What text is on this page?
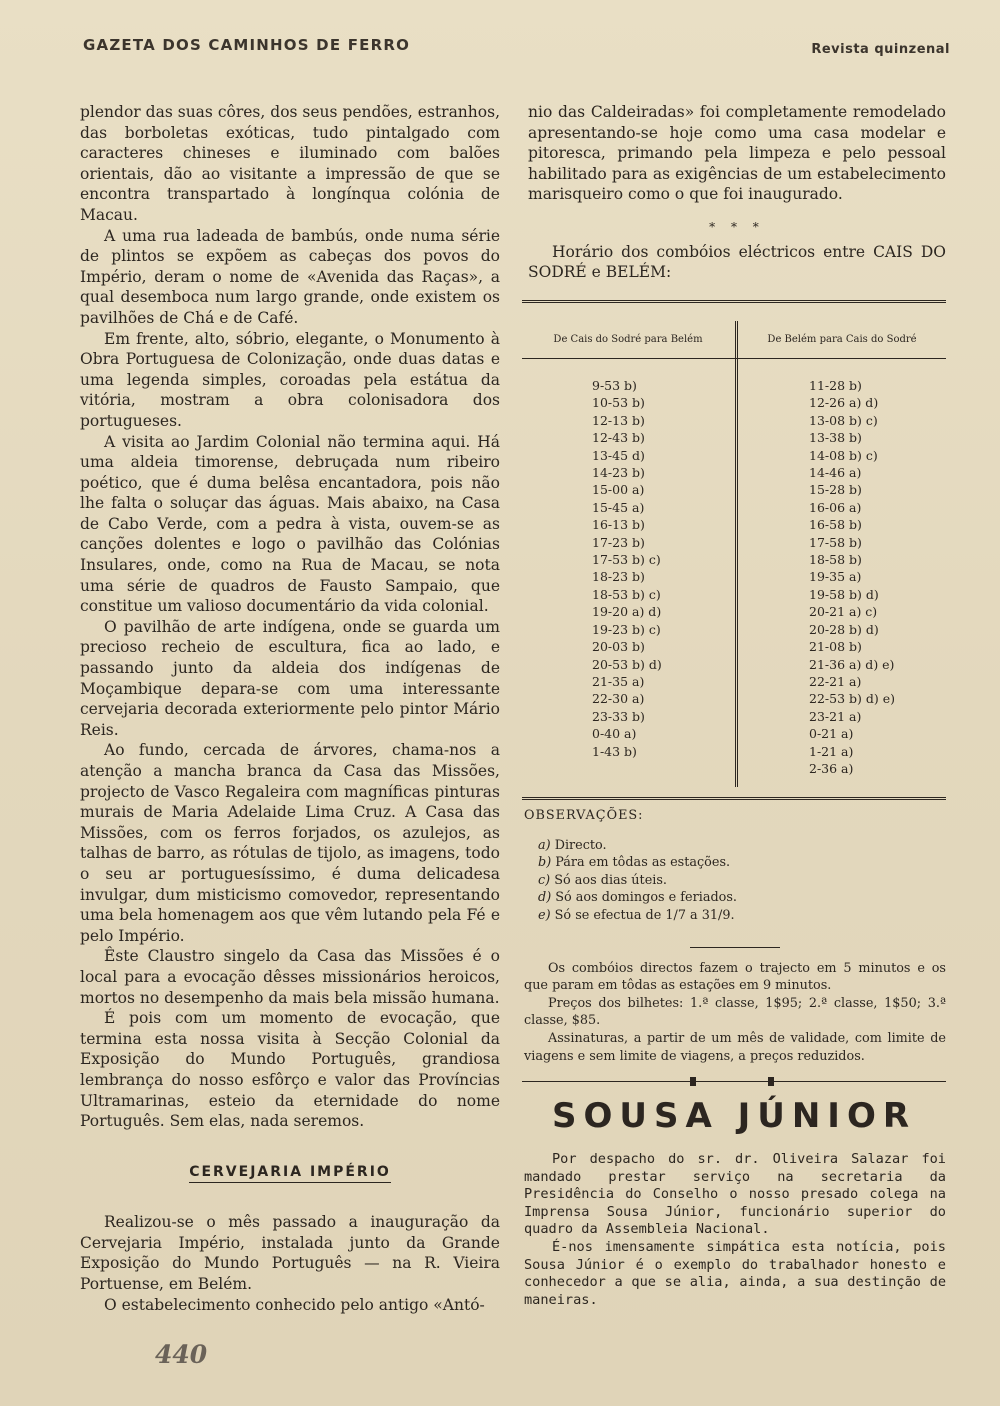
GAZETA DOS CAMINHOS DE FERRO	Revista quinzenal

plendor das suas côres, dos seus pendões, estranhos, das borboletas exóticas, tudo pintalgado com caracteres chineses e iluminado com balões orientais, dão ao visitante a impressão de que se encontra transpartado à longínqua colónia de Macau.

A uma rua ladeada de bambús, onde numa série de plintos se expõem as cabeças dos povos do Império, deram o nome de «Avenida das Raças», a qual desemboca num largo grande, onde existem os pavilhões de Chá e de Café.

Em frente, alto, sóbrio, elegante, o Monumento à Obra Portuguesa de Colonização, onde duas datas e uma legenda simples, coroadas pela estátua da vitória, mostram a obra colonisadora dos portugueses.

A visita ao Jardim Colonial não termina aqui. Há uma aldeia timorense, debruçada num ribeiro poético, que é duma belêsa encantadora, pois não lhe falta o soluçar das águas. Mais abaixo, na Casa de Cabo Verde, com a pedra à vista, ouvem-se as canções dolentes e logo o pavilhão das Colónias Insulares, onde, como na Rua de Macau, se nota uma série de quadros de Fausto Sampaio, que constitue um valioso documentário da vida colonial.

O pavilhão de arte indígena, onde se guarda um precioso recheio de escultura, fica ao lado, e passando junto da aldeia dos indígenas de Moçambique depara-se com uma interessante cervejaria decorada exteriormente pelo pintor Mário Reis.

Ao fundo, cercada de árvores, chama-nos a atenção a mancha branca da Casa das Missões, projecto de Vasco Regaleira com magníficas pinturas murais de Maria Adelaide Lima Cruz. A Casa das Missões, com os ferros forjados, os azulejos, as talhas de barro, as rótulas de tijolo, as imagens, todo o seu ar portuguesíssimo, é duma delicadesa invulgar, dum misticismo comovedor, representando uma bela homenagem aos que vêm lutando pela Fé e pelo Império.

Êste Claustro singelo da Casa das Missões é o local para a evocação dêsses missionários heroicos, mortos no desempenho da mais bela missão humana.

É pois com um momento de evocação, que termina esta nossa visita à Secção Colonial da Exposição do Mundo Português, grandiosa lembrança do nosso esfôrço e valor das Províncias Ultramarinas, esteio da eternidade do nome Português. Sem elas, nada seremos.

CERVEJARIA IMPÉRIO

Realizou-se o mês passado a inauguração da Cervejaria Império, instalada junto da Grande Exposição do Mundo Português — na R. Vieira Portuense, em Belém.

O estabelecimento conhecido pelo antigo «Antó-

440

nio das Caldeiradas» foi completamente remodelado apresentando-se hoje como uma casa modelar e pitoresca, primando pela limpeza e pelo pessoal habilitado para as exigências de um estabelecimento marisqueiro como o que foi inaugurado.

* * *

Horário dos combóios eléctricos entre CAIS DO SODRÉ e BELÉM:

De Cais do Sodré para Belém	De Belém para Cais do Sodré
9-53 b)
10-53 b)
12-13 b)
12-43 b)
13-45 d)
14-23 b)
15-00 a)
15-45 a)
16-13 b)
17-23 b)
17-53 b) c)
18-23 b)
18-53 b) c)
19-20 a) d)
19-23 b) c)
20-03 b)
20-53 b) d)
21-35 a)
22-30 a)
23-33 b)
0-40 a)
1-43 b)
11-28 b)
12-26 a) d)
13-08 b) c)
13-38 b)
14-08 b) c)
14-46 a)
15-28 b)
16-06 a)
16-58 b)
17-58 b)
18-58 b)
19-35 a)
19-58 b) d)
20-21 a) c)
20-28 b) d)
21-08 b)
21-36 a) d) e)
22-21 a)
22-53 b) d) e)
23-21 a)
0-21 a)
1-21 a)
2-36 a)
OBSERVAÇÕES:
a) Directo.
b) Pára em tôdas as estações.
c) Só aos dias úteis.
d) Só aos domingos e feriados.
e) Só se efectua de 1/7 a 31/9.

Os combóios directos fazem o trajecto em 5 minutos e os que param em tôdas as estações em 9 minutos.

Preços dos bilhetes: 1.ª classe, 1$95; 2.ª classe, 1$50; 3.ª classe, $85.

Assinaturas, a partir de um mês de validade, com limite de viagens e sem limite de viagens, a preços reduzidos.

SOUSA JÚNIOR

Por despacho do sr. dr. Oliveira Salazar foi mandado prestar serviço na secretaria da Presidência do Conselho o nosso presado colega na Imprensa Sousa Júnior, funcionário superior do quadro da Assembleia Nacional.

É-nos imensamente simpática esta notícia, pois Sousa Júnior é o exemplo do trabalhador honesto e conhecedor a que se alia, ainda, a sua destinção de maneiras.
